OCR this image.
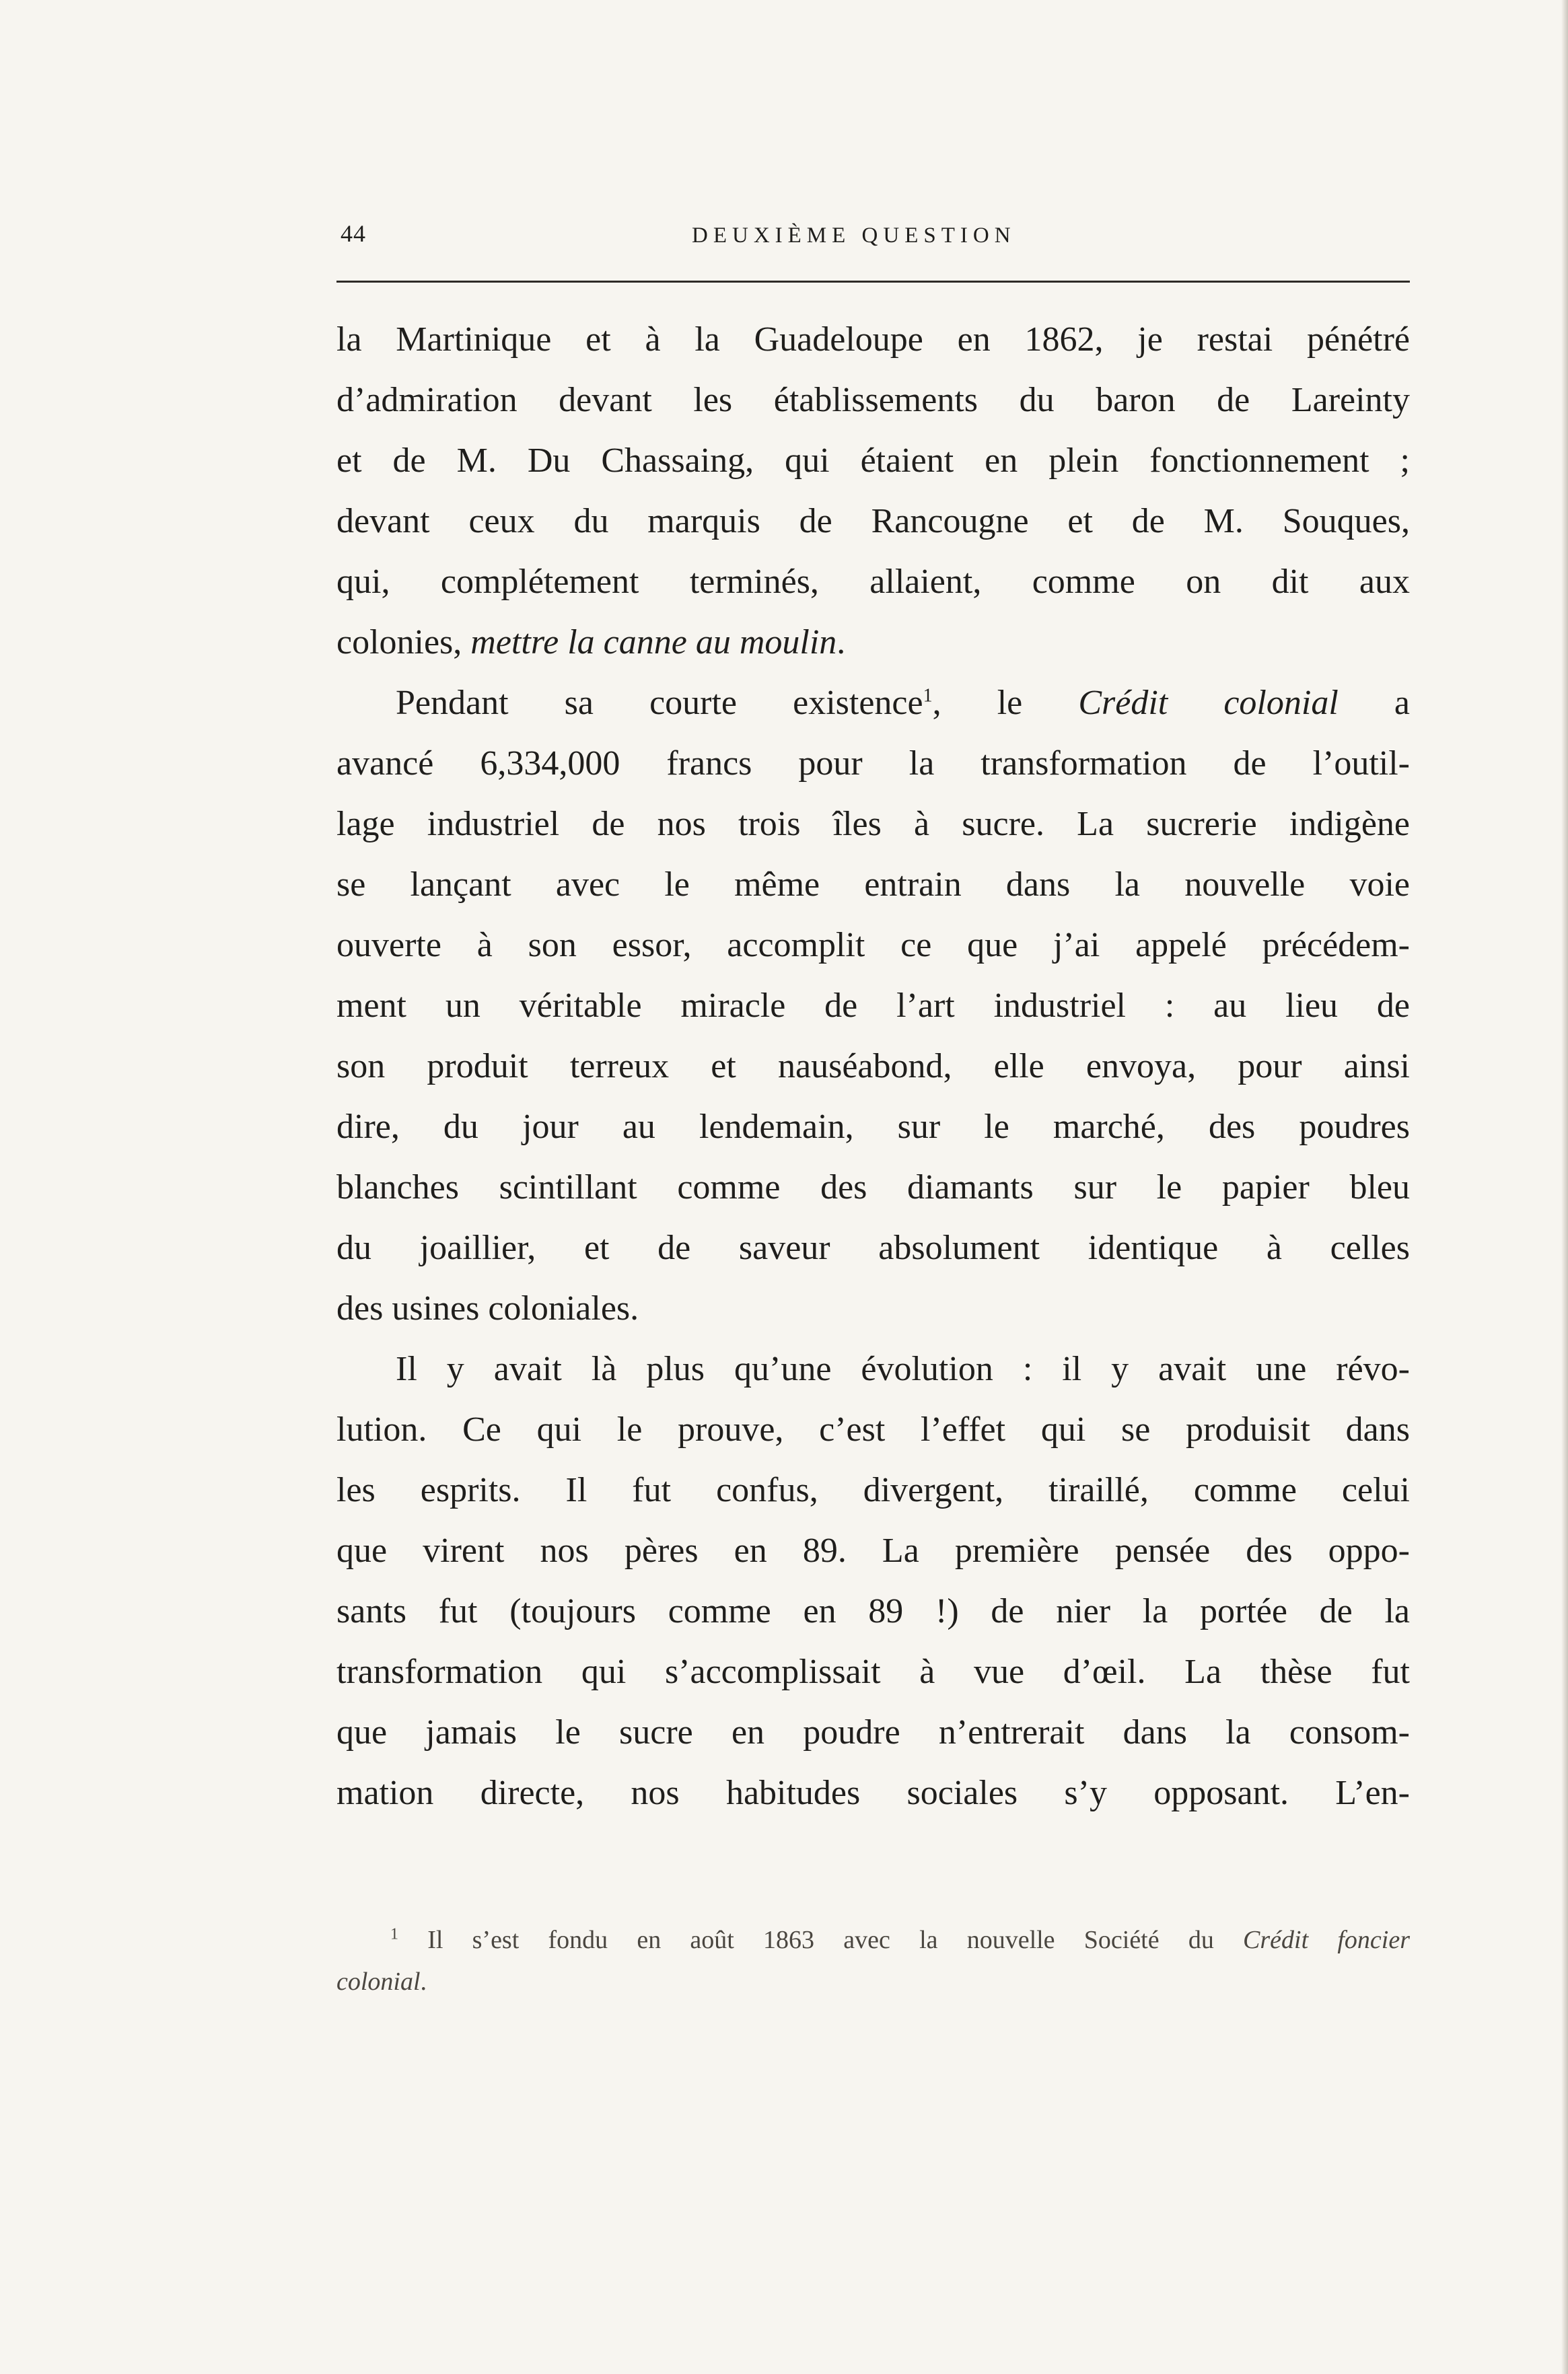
44	DEUXIÈME QUESTION
la Martinique et à la Guadeloupe en 1862, je restai pénétré
d’admiration devant les établissements du baron de Lareinty
et de M. Du Chassaing, qui étaient en plein fonctionnement ;
devant ceux du marquis de Rancougne et de M. Souques,
qui, complétement terminés, allaient, comme on dit aux
colonies, mettre la canne au moulin.
Pendant sa courte existence$^1$, le Crédit colonial a
avancé 6,334,000 francs pour la transformation de l’outil-
lage industriel de nos trois îles à sucre. La sucrerie indigène
se lançant avec le même entrain dans la nouvelle voie
ouverte à son essor, accomplit ce que j’ai appelé précédem-
ment un véritable miracle de l’art industriel : au lieu de
son produit terreux et nauséabond, elle envoya, pour ainsi
dire, du jour au lendemain, sur le marché, des poudres
blanches scintillant comme des diamants sur le papier bleu
du joaillier, et de saveur absolument identique à celles
des usines coloniales.
Il y avait là plus qu’une évolution : il y avait une révo-
lution. Ce qui le prouve, c’est l’effet qui se produisit dans
les esprits. Il fut confus, divergent, tiraillé, comme celui
que virent nos pères en 89. La première pensée des oppo-
sants fut (toujours comme en 89 !) de nier la portée de la
transformation qui s’accomplissait à vue d’œil. La thèse fut
que jamais le sucre en poudre n’entrerait dans la consom-
mation directe, nos habitudes sociales s’y opposant. L’en-
$^1$ Il s’est fondu en août 1863 avec la nouvelle Société du Crédit foncier
colonial.
